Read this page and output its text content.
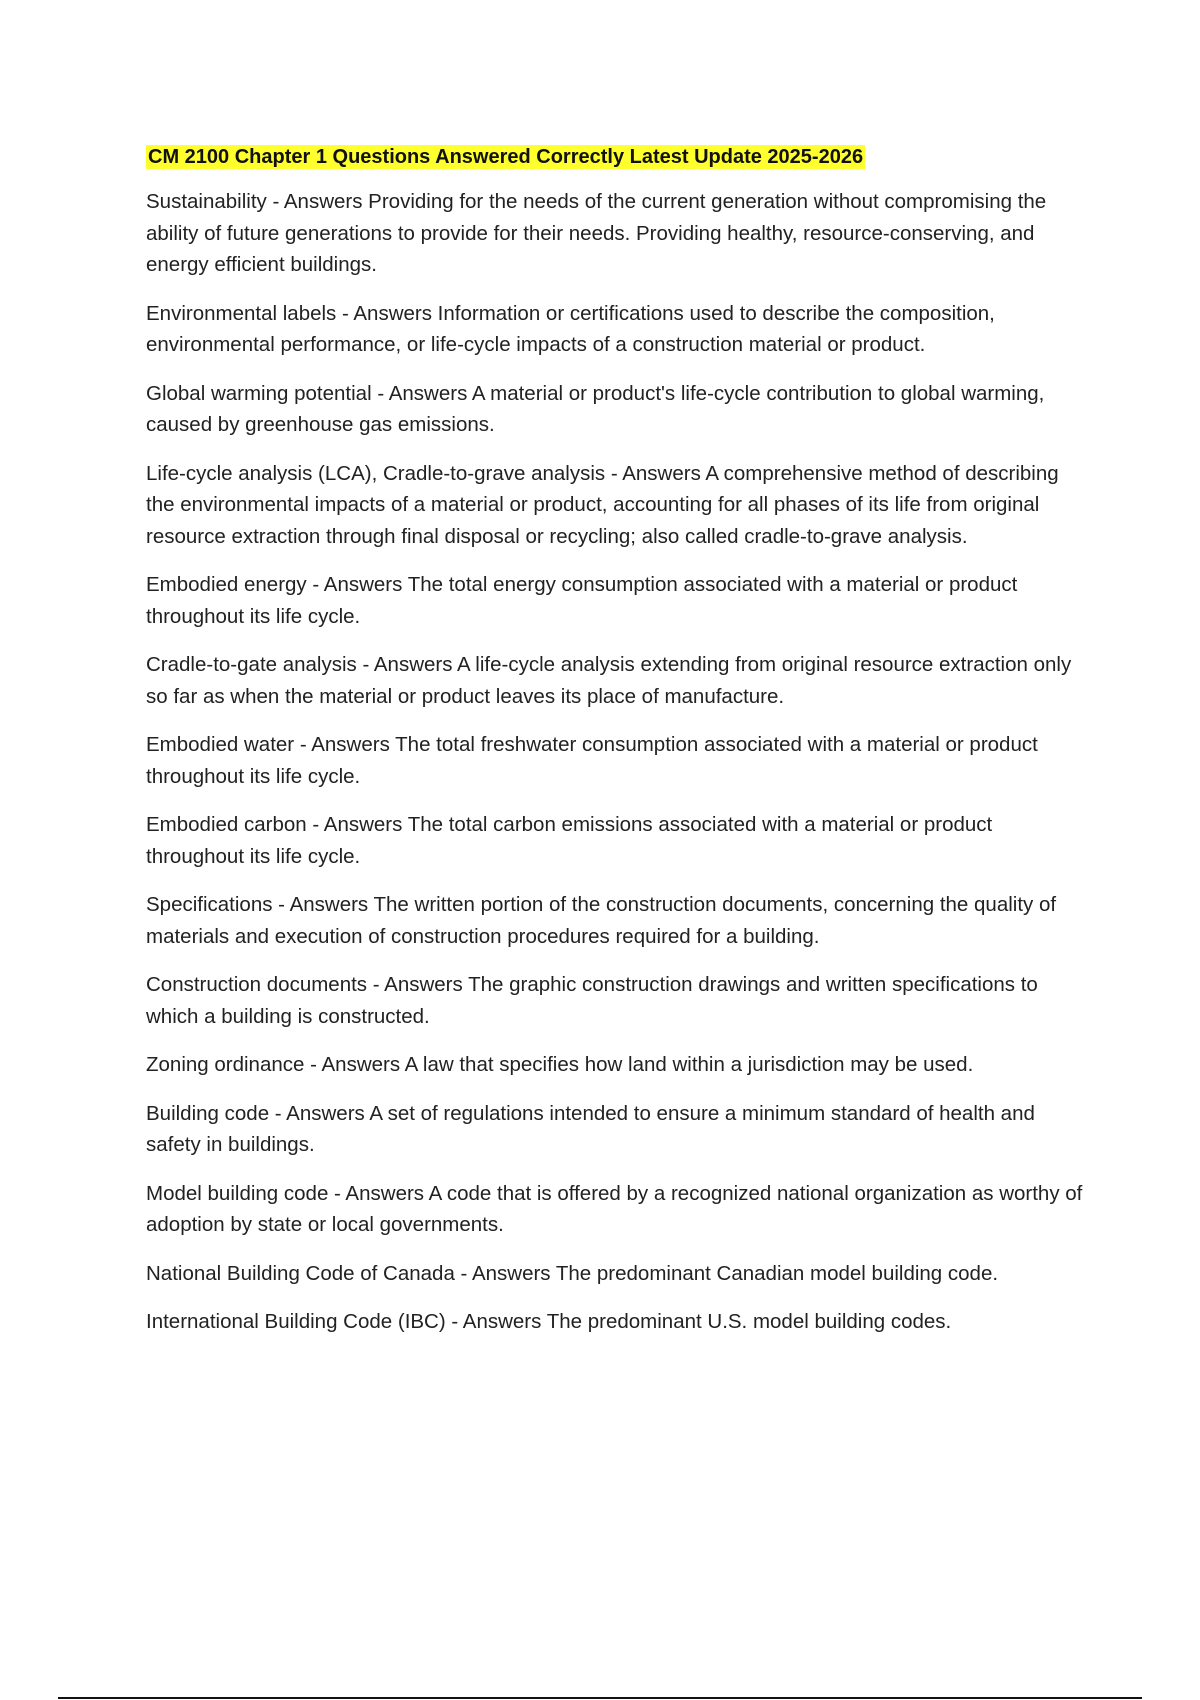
CM 2100 Chapter 1 Questions Answered Correctly Latest Update 2025-2026
Sustainability - Answers Providing for the needs of the current generation without compromising the ability of future generations to provide for their needs. Providing healthy, resource-conserving, and energy efficient buildings.
Environmental labels - Answers Information or certifications used to describe the composition, environmental performance, or life-cycle impacts of a construction material or product.
Global warming potential - Answers A material or product's life-cycle contribution to global warming, caused by greenhouse gas emissions.
Life-cycle analysis (LCA), Cradle-to-grave analysis - Answers A comprehensive method of describing the environmental impacts of a material or product, accounting for all phases of its life from original resource extraction through final disposal or recycling; also called cradle-to-grave analysis.
Embodied energy - Answers The total energy consumption associated with a material or product throughout its life cycle.
Cradle-to-gate analysis - Answers A life-cycle analysis extending from original resource extraction only so far as when the material or product leaves its place of manufacture.
Embodied water - Answers The total freshwater consumption associated with a material or product throughout its life cycle.
Embodied carbon - Answers The total carbon emissions associated with a material or product throughout its life cycle.
Specifications - Answers The written portion of the construction documents, concerning the quality of materials and execution of construction procedures required for a building.
Construction documents - Answers The graphic construction drawings and written specifications to which a building is constructed.
Zoning ordinance - Answers A law that specifies how land within a jurisdiction may be used.
Building code - Answers A set of regulations intended to ensure a minimum standard of health and safety in buildings.
Model building code - Answers A code that is offered by a recognized national organization as worthy of adoption by state or local governments.
National Building Code of Canada - Answers The predominant Canadian model building code.
International Building Code (IBC) - Answers The predominant U.S. model building codes.
